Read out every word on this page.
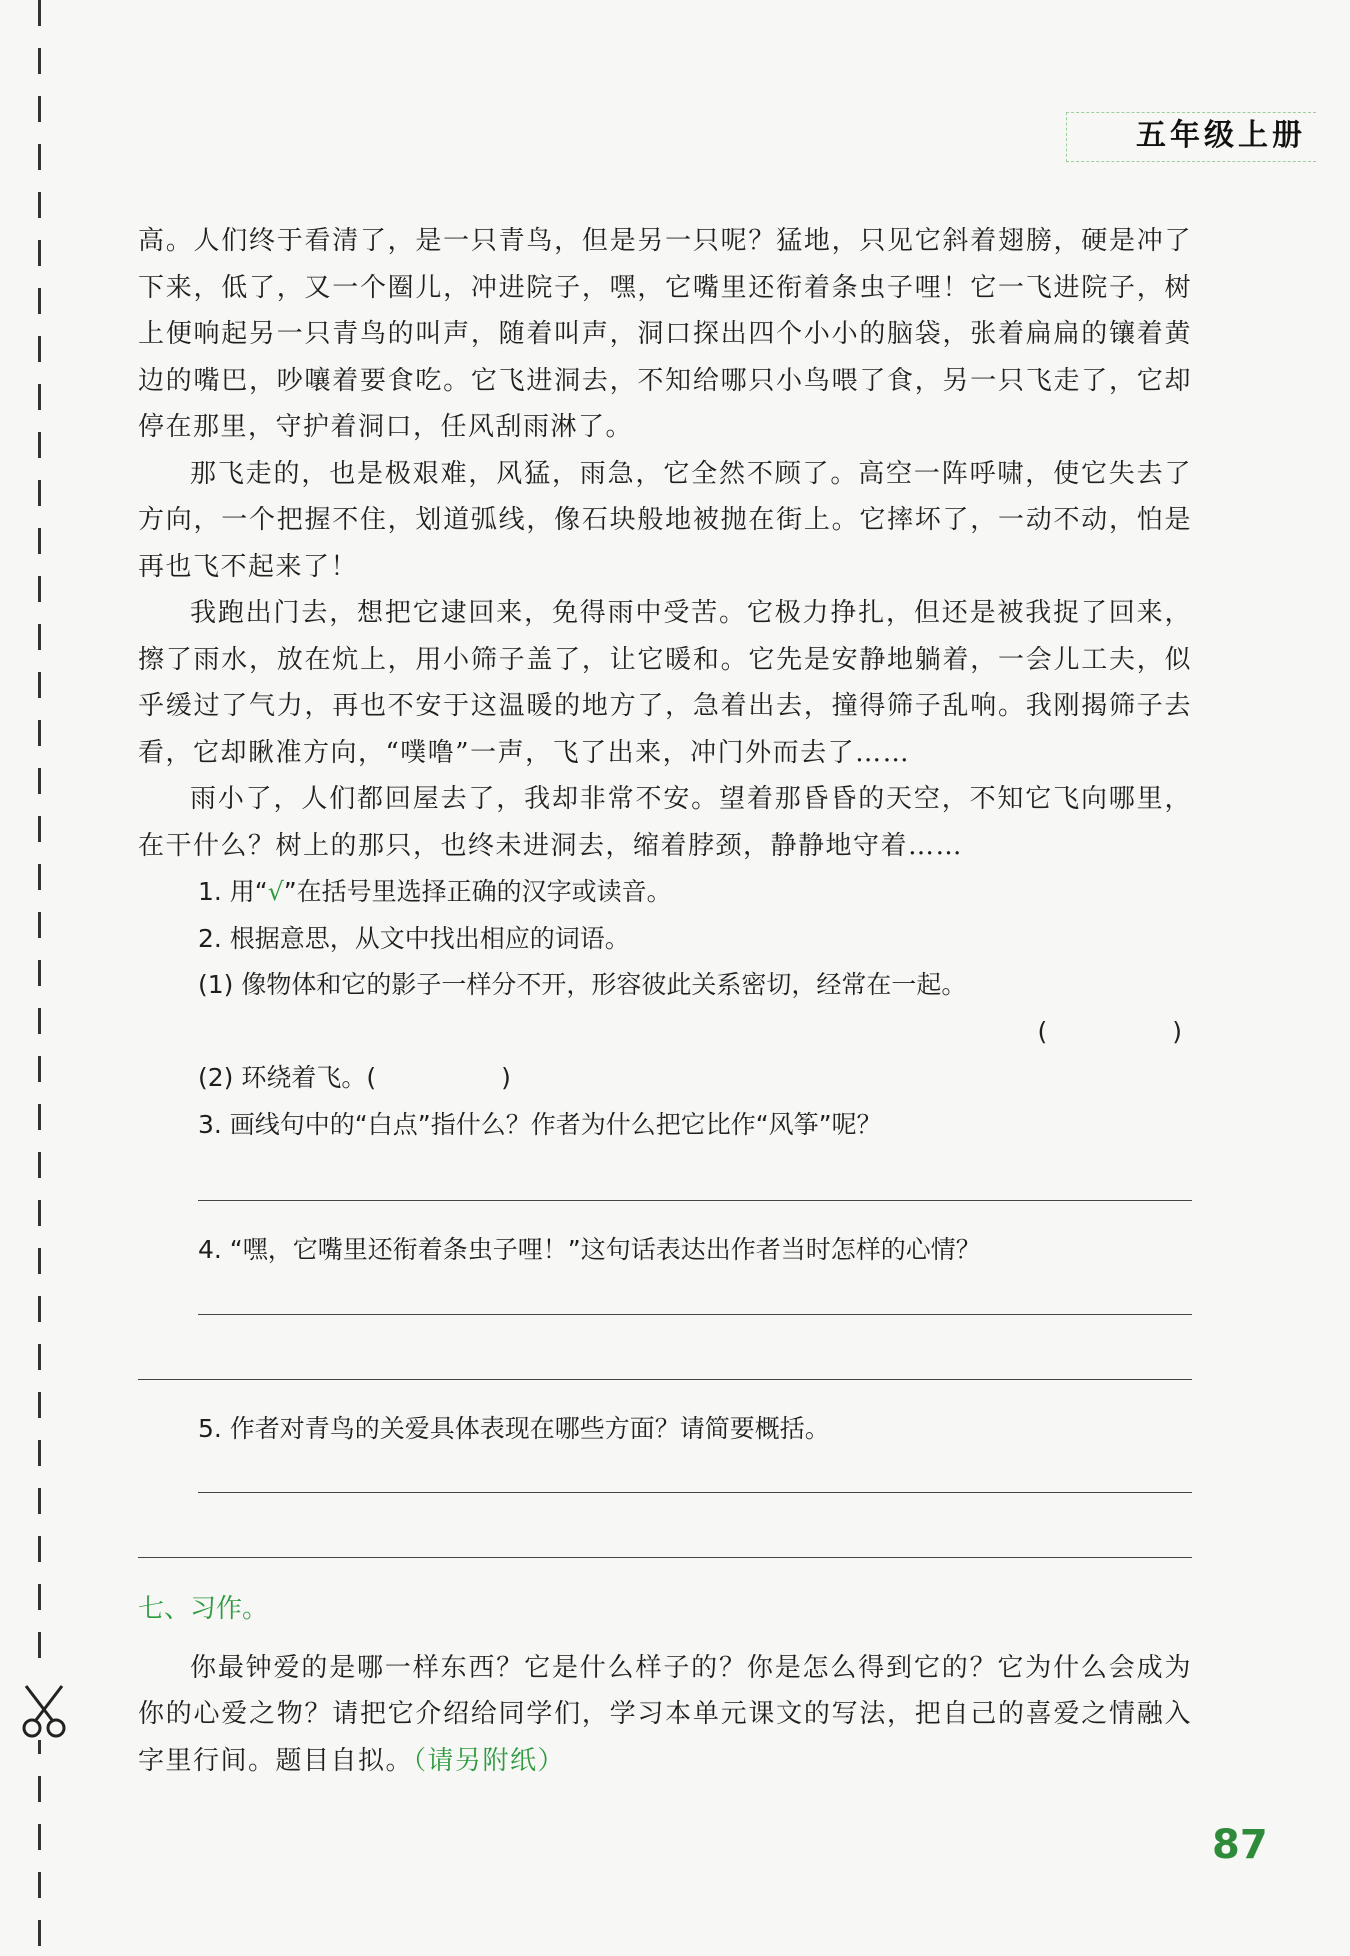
五年级上册

高。人们终于看清了，是一只青鸟，但是另一只呢？猛地，只见它斜着翅膀，硬是冲了下来，低了，又一个圈儿，冲进院子，嘿，它嘴里还衔着条虫子哩！它一飞进院子，树上便响起另一只青鸟的叫声，随着叫声，洞口探出四个小小的脑袋，张着扁扁的镶着黄边的嘴巴，吵嚷着要食吃。它飞进洞去，不知给哪只小鸟喂了食，另一只飞走了，它却停在那里，守护着洞口，任风刮雨淋了。

那飞走的，也是极艰难，风猛，雨急，它全然不顾了。高空一阵呼啸，使它失去了方向，一个把握不住，划道弧线，像石块般地被抛在街上。它摔坏了，一动不动，怕是再也飞不起来了！

我跑出门去，想把它逮回来，免得雨中受苦。它极力挣扎，但还是被我捉了回来，擦了雨水，放在炕上，用小筛子盖了，让它暖和。它先是安静地躺着，一会儿工夫，似乎缓过了气力，再也不安于这温暖的地方了，急着出去，撞得筛子乱响。我刚揭筛子去看，它却瞅准方向，“噗噜”一声，飞了出来，冲门外而去了……

雨小了，人们都回屋去了，我却非常不安。望着那昏昏的天空，不知它飞向哪里，在干什么？树上的那只，也终未进洞去，缩着脖颈，静静地守着……

1. 用“√”在括号里选择正确的汉字或读音。

2. 根据意思，从文中找出相应的词语。

(1) 像物体和它的影子一样分不开，形容彼此关系密切，经常在一起。

(　　　　　)

(2) 环绕着飞。(　　　　　)

3. 画线句中的“白点”指什么？作者为什么把它比作“风筝”呢？

4. “嘿，它嘴里还衔着条虫子哩！”这句话表达出作者当时怎样的心情？

5. 作者对青鸟的关爱具体表现在哪些方面？请简要概括。

七、习作。

你最钟爱的是哪一样东西？它是什么样子的？你是怎么得到它的？它为什么会成为你的心爱之物？请把它介绍给同学们，学习本单元课文的写法，把自己的喜爱之情融入字里行间。题目自拟。（请另附纸）

87
